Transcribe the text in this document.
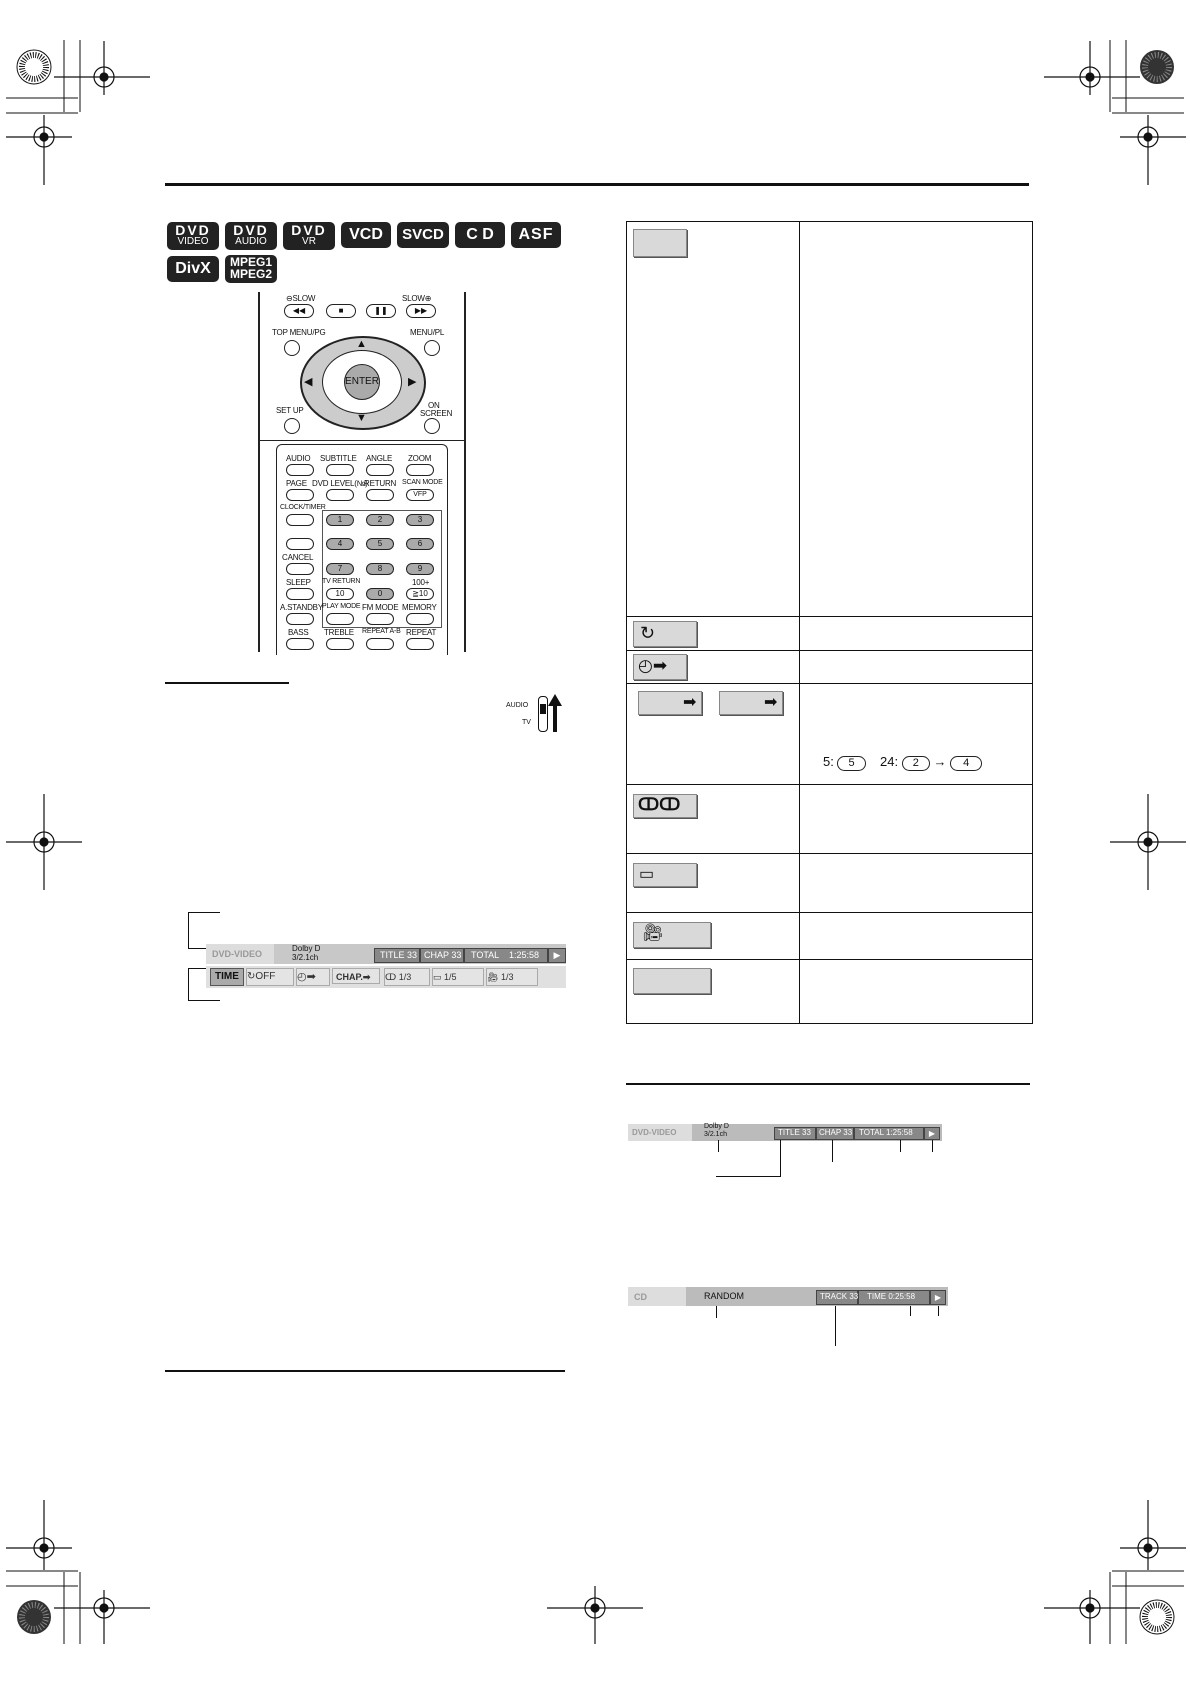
DVD
VIDEO
DVD
AUDIO
DVD
VR	VCD	SVCD	C D	ASF
DivX	MPEG1
MPEG2
⊖SLOW	SLOW⊕
◀◀	■	❚❚	▶▶
TOP MENU/PG	MENU/PL
ENTER
▲
▼
◀	▶
SET UP
ON
SCREEN
AUDIO SUBTITLE ANGLE ZOOM
PAGE DVD LEVEL(№)
RETURN SCAN MODE
VFP
CLOCK/TIMER
1	2	3
4	5	6
CANCEL
7	8	9
SLEEP TV RETURN	100+
10	0	≧10
A.STANDBY PLAY MODE FM MODE MEMORY
BASS TREBLE REPEAT A-B REPEAT
AUDIO
TV
DVD-VIDEO
Dolby D
3/2.1ch	TITLE 33 CHAP 33 TOTAL 1:25:58	▶
TIME ↻OFF	◴➡	CHAP.➡	ↀ 1/3	▭ 1/5	🎥︎ 1/3
↻
◴➡
➡	➡
5: 5 24: 2 → 4
ↀↀ
▭
🎥︎
DVD-VIDEO
Dolby D
3/2.1ch	TITLE 33 CHAP 33 TOTAL 1:25:58	▶
CD	RANDOM	TRACK 33 TIME 0:25:58	▶
